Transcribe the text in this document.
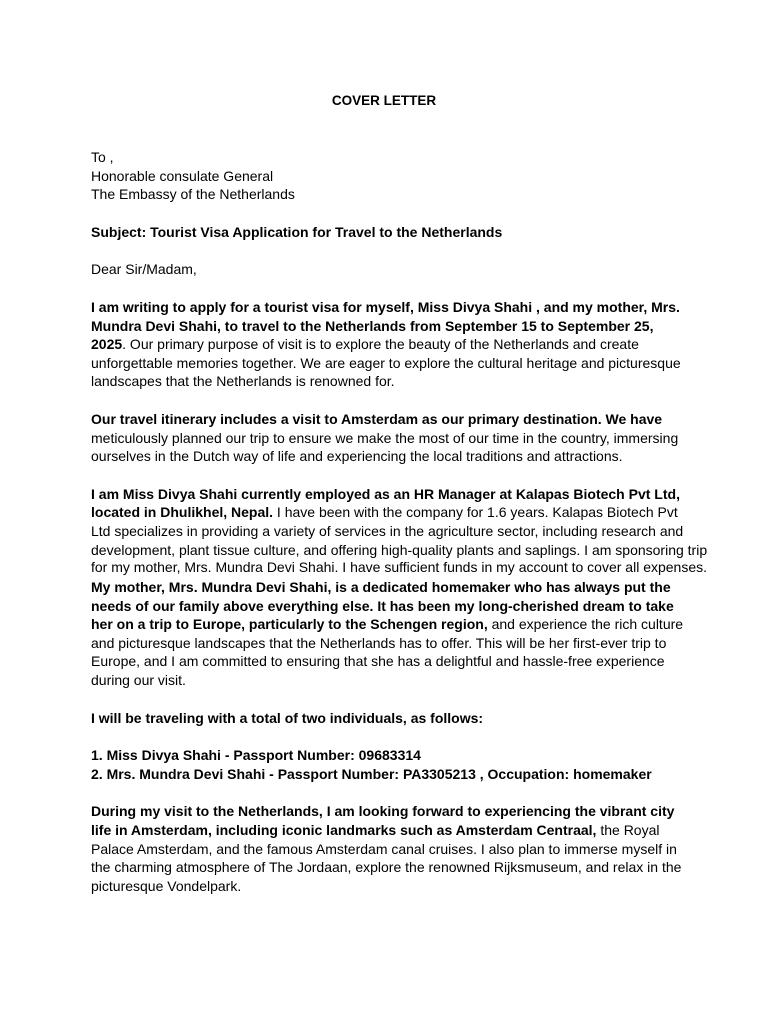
COVER LETTER
To ,
Honorable consulate General
The Embassy of the Netherlands
Subject: Tourist Visa Application for Travel to the Netherlands
Dear Sir/Madam,
I am writing to apply for a tourist visa for myself, Miss Divya Shahi , and my mother, Mrs.
Mundra Devi Shahi, to travel to the Netherlands from September 15 to September 25,
2025. Our primary purpose of visit is to explore the beauty of the Netherlands and create
unforgettable memories together. We are eager to explore the cultural heritage and picturesque
landscapes that the Netherlands is renowned for.
Our travel itinerary includes a visit to Amsterdam as our primary destination. We have
meticulously planned our trip to ensure we make the most of our time in the country, immersing
ourselves in the Dutch way of life and experiencing the local traditions and attractions.
I am Miss Divya Shahi currently employed as an HR Manager at Kalapas Biotech Pvt Ltd,
located in Dhulikhel, Nepal. I have been with the company for 1.6 years. Kalapas Biotech Pvt
Ltd specializes in providing a variety of services in the agriculture sector, including research and
development, plant tissue culture, and offering high-quality plants and saplings. I am sponsoring trip
for my mother, Mrs. Mundra Devi Shahi. I have sufficient funds in my account to cover all expenses.
My mother, Mrs. Mundra Devi Shahi, is a dedicated homemaker who has always put the
needs of our family above everything else. It has been my long-cherished dream to take
her on a trip to Europe, particularly to the Schengen region, and experience the rich culture
and picturesque landscapes that the Netherlands has to offer. This will be her first-ever trip to
Europe, and I am committed to ensuring that she has a delightful and hassle-free experience
during our visit.
I will be traveling with a total of two individuals, as follows:
1. Miss Divya Shahi - Passport Number: 09683314
2. Mrs. Mundra Devi Shahi - Passport Number: PA3305213 , Occupation: homemaker
During my visit to the Netherlands, I am looking forward to experiencing the vibrant city
life in Amsterdam, including iconic landmarks such as Amsterdam Centraal, the Royal
Palace Amsterdam, and the famous Amsterdam canal cruises. I also plan to immerse myself in
the charming atmosphere of The Jordaan, explore the renowned Rijksmuseum, and relax in the
picturesque Vondelpark.
